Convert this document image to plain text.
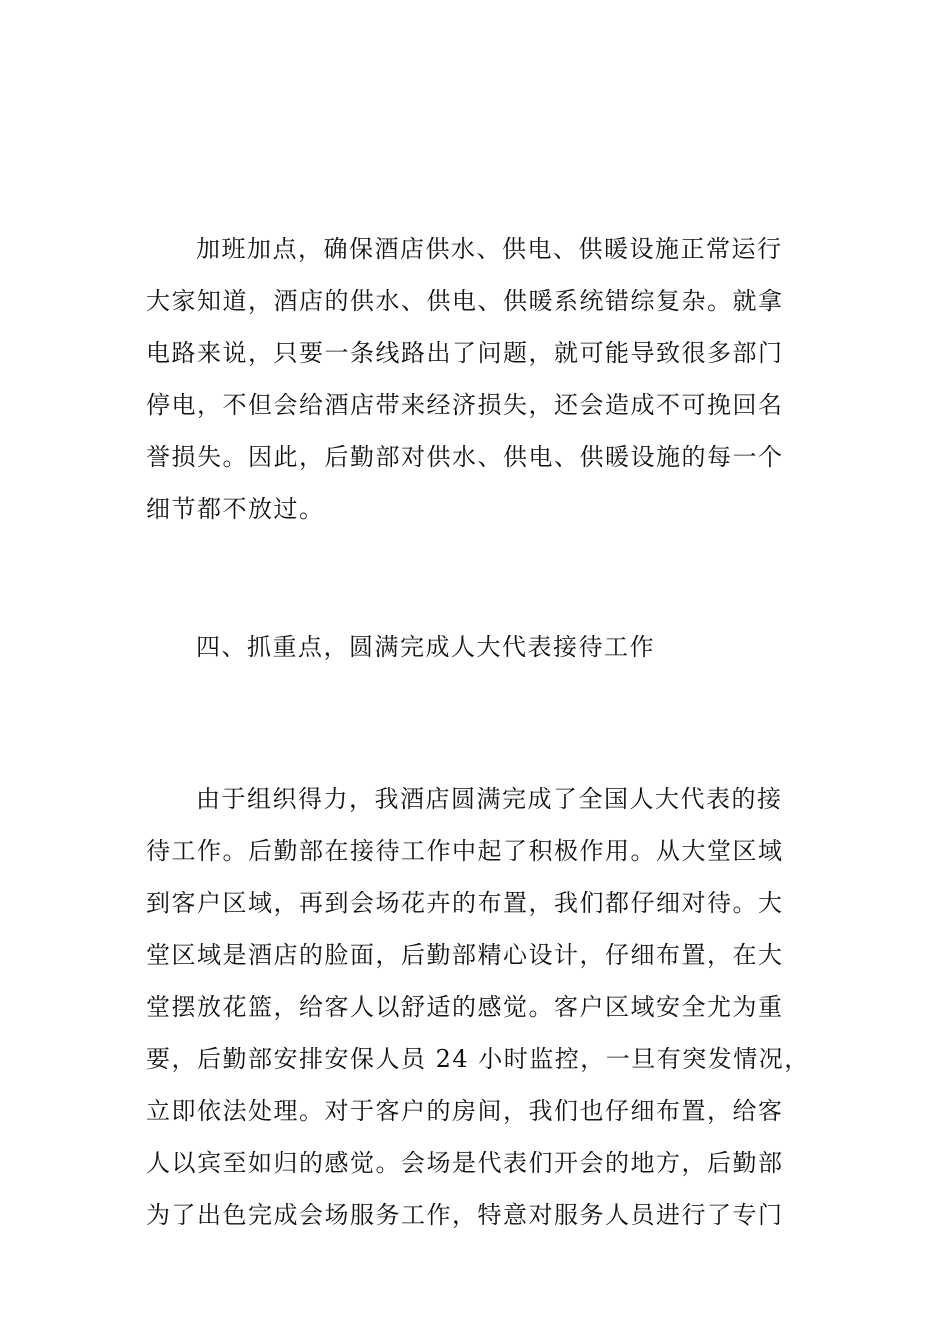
加班加点，确保酒店供水、供电、供暖设施正常运行
大家知道，酒店的供水、供电、供暖系统错综复杂。就拿
电路来说，只要一条线路出了问题，就可能导致很多部门
停电，不但会给酒店带来经济损失，还会造成不可挽回名
誉损失。因此，后勤部对供水、供电、供暖设施的每一个
细节都不放过。
四、抓重点，圆满完成人大代表接待工作
由于组织得力，我酒店圆满完成了全国人大代表的接
待工作。后勤部在接待工作中起了积极作用。从大堂区域
到客户区域，再到会场花卉的布置，我们都仔细对待。大
堂区域是酒店的脸面，后勤部精心设计，仔细布置，在大
堂摆放花篮，给客人以舒适的感觉。客户区域安全尤为重
要，后勤部安排安保人员 24 小时监控，一旦有突发情况，
立即依法处理。对于客户的房间，我们也仔细布置，给客
人以宾至如归的感觉。会场是代表们开会的地方，后勤部
为了出色完成会场服务工作，特意对服务人员进行了专门
